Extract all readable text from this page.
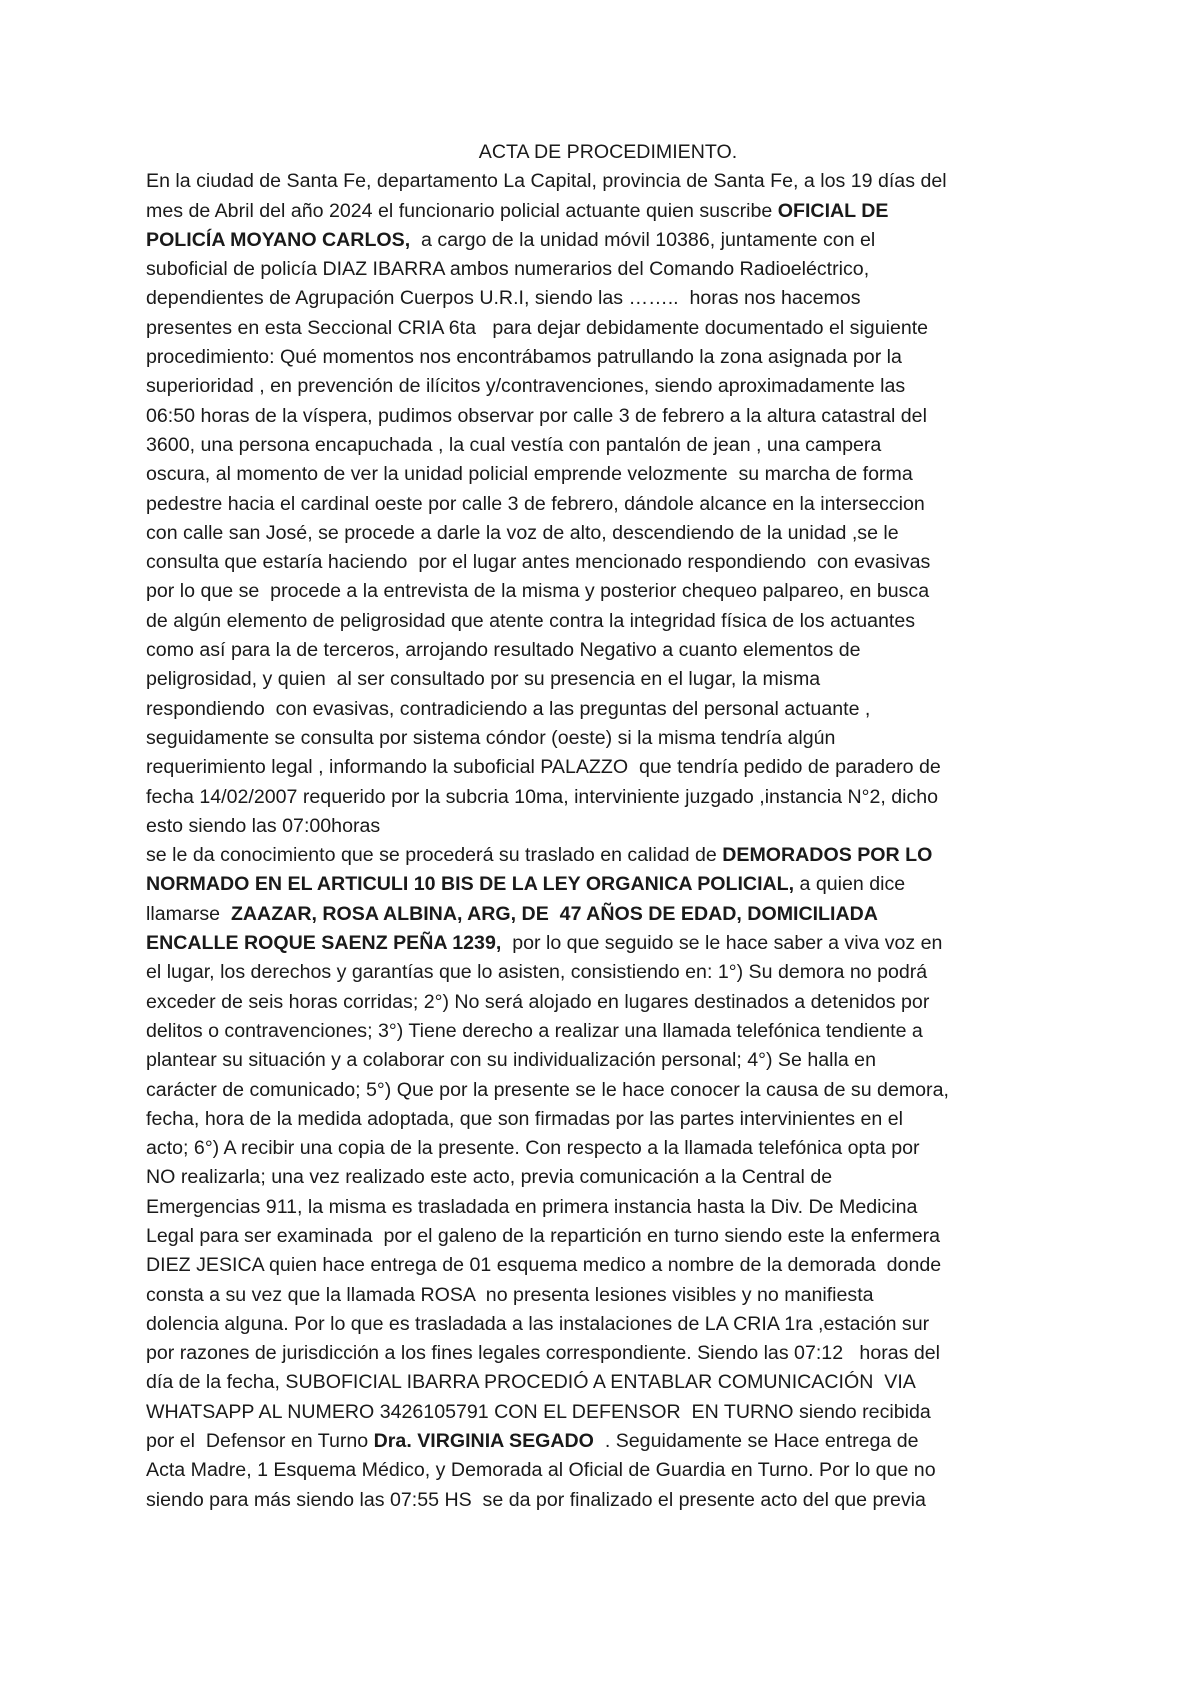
ACTA DE PROCEDIMIENTO.
En la ciudad de Santa Fe, departamento La Capital, provincia de Santa Fe, a los 19 días del
mes de Abril del año 2024 el funcionario policial actuante quien suscribe OFICIAL DE
POLICÍA MOYANO CARLOS,  a cargo de la unidad móvil 10386, juntamente con el
suboficial de policía DIAZ IBARRA ambos numerarios del Comando Radioeléctrico,
dependientes de Agrupación Cuerpos U.R.I, siendo las ……..  horas nos hacemos
presentes en esta Seccional CRIA 6ta   para dejar debidamente documentado el siguiente
procedimiento: Qué momentos nos encontrábamos patrullando la zona asignada por la
superioridad , en prevención de ilícitos y/contravenciones, siendo aproximadamente las
06:50 horas de la víspera, pudimos observar por calle 3 de febrero a la altura catastral del
3600, una persona encapuchada , la cual vestía con pantalón de jean , una campera
oscura, al momento de ver la unidad policial emprende velozmente  su marcha de forma
pedestre hacia el cardinal oeste por calle 3 de febrero, dándole alcance en la interseccion
con calle san José, se procede a darle la voz de alto, descendiendo de la unidad ,se le
consulta que estaría haciendo  por el lugar antes mencionado respondiendo  con evasivas
por lo que se  procede a la entrevista de la misma y posterior chequeo palpareo, en busca
de algún elemento de peligrosidad que atente contra la integridad física de los actuantes
como así para la de terceros, arrojando resultado Negativo a cuanto elementos de
peligrosidad, y quien  al ser consultado por su presencia en el lugar, la misma
respondiendo  con evasivas, contradiciendo a las preguntas del personal actuante ,
seguidamente se consulta por sistema cóndor (oeste) si la misma tendría algún
requerimiento legal , informando la suboficial PALAZZO  que tendría pedido de paradero de
fecha 14/02/2007 requerido por la subcria 10ma, interviniente juzgado ,instancia N°2, dicho
esto siendo las 07:00horas
se le da conocimiento que se procederá su traslado en calidad de DEMORADOS POR LO
NORMADO EN EL ARTICULI 10 BIS DE LA LEY ORGANICA POLICIAL, a quien dice
llamarse  ZAAZAR, ROSA ALBINA, ARG, DE  47 AÑOS DE EDAD, DOMICILIADA
ENCALLE ROQUE SAENZ PEÑA 1239,  por lo que seguido se le hace saber a viva voz en
el lugar, los derechos y garantías que lo asisten, consistiendo en: 1°) Su demora no podrá
exceder de seis horas corridas; 2°) No será alojado en lugares destinados a detenidos por
delitos o contravenciones; 3°) Tiene derecho a realizar una llamada telefónica tendiente a
plantear su situación y a colaborar con su individualización personal; 4°) Se halla en
carácter de comunicado; 5°) Que por la presente se le hace conocer la causa de su demora,
fecha, hora de la medida adoptada, que son firmadas por las partes intervinientes en el
acto; 6°) A recibir una copia de la presente. Con respecto a la llamada telefónica opta por
NO realizarla; una vez realizado este acto, previa comunicación a la Central de
Emergencias 911, la misma es trasladada en primera instancia hasta la Div. De Medicina
Legal para ser examinada  por el galeno de la repartición en turno siendo este la enfermera
DIEZ JESICA quien hace entrega de 01 esquema medico a nombre de la demorada  donde
consta a su vez que la llamada ROSA  no presenta lesiones visibles y no manifiesta
dolencia alguna. Por lo que es trasladada a las instalaciones de LA CRIA 1ra ,estación sur
por razones de jurisdicción a los fines legales correspondiente. Siendo las 07:12   horas del
día de la fecha, SUBOFICIAL IBARRA PROCEDIÓ A ENTABLAR COMUNICACIÓN  VIA
WHATSAPP AL NUMERO 3426105791 CON EL DEFENSOR  EN TURNO siendo recibida
por el  Defensor en Turno Dra. VIRGINIA SEGADO  . Seguidamente se Hace entrega de
Acta Madre, 1 Esquema Médico, y Demorada al Oficial de Guardia en Turno. Por lo que no
siendo para más siendo las 07:55 HS  se da por finalizado el presente acto del que previa
